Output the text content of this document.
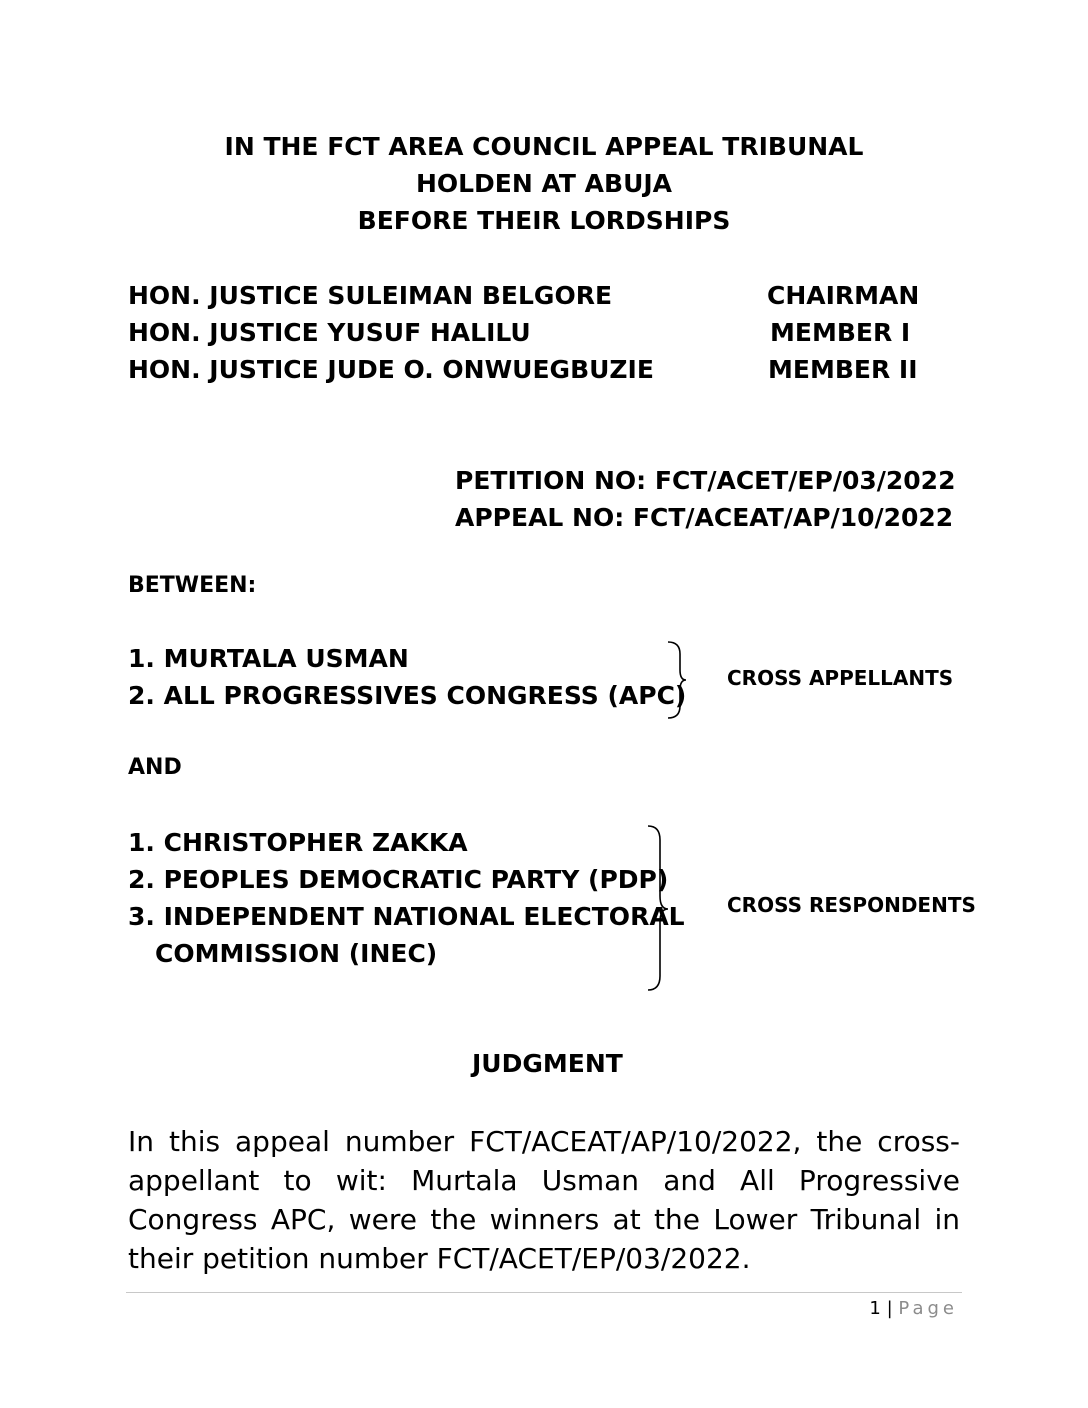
IN THE FCT AREA COUNCIL APPEAL TRIBUNAL
HOLDEN AT ABUJA
BEFORE THEIR LORDSHIPS
HON. JUSTICE SULEIMAN BELGORE	CHAIRMAN
HON. JUSTICE YUSUF HALILU	MEMBER I
HON. JUSTICE JUDE O. ONWUEGBUZIE	MEMBER II
PETITION NO: FCT/ACET/EP/03/2022
APPEAL NO: FCT/ACEAT/AP/10/2022
BETWEEN:
1. MURTALA USMAN
2. ALL PROGRESSIVES CONGRESS (APC)
CROSS APPELLANTS
AND
1. CHRISTOPHER ZAKKA
2. PEOPLES DEMOCRATIC PARTY (PDP)
3. INDEPENDENT NATIONAL ELECTORAL
COMMISSION (INEC)
CROSS RESPONDENTS
JUDGMENT
In this appeal number FCT/ACEAT/AP/10/2022, the cross-appellant to wit: Murtala Usman and All Progressive Congress APC, were the winners at the Lower Tribunal in their petition number FCT/ACET/EP/03/2022.
1 | Page
